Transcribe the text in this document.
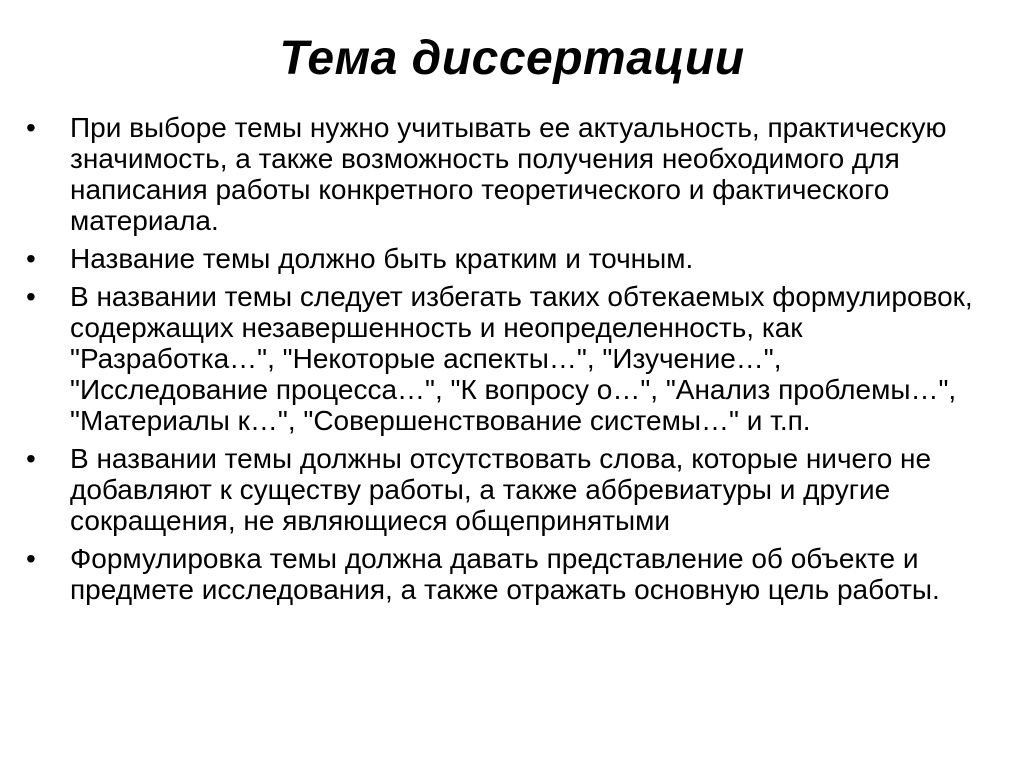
Тема диссертации
•	При выборе темы нужно учитывать ее актуальность, практическую значимость, а также возможность получения необходимого для написания работы конкретного теоретического и фактического материала.
•	Название темы должно быть кратким и точным.
•	В названии темы следует избегать таких обтекаемых формулировок, содержащих незавершенность и неопределенность, как "Разработка…", "Некоторые аспекты…", "Изучение…", "Исследование процесса…", "К вопросу о…", "Анализ проблемы…", "Материалы к…", "Совершенствование системы…" и т.п.
•	В названии темы должны отсутствовать слова, которые ничего не добавляют к существу работы, а также аббревиатуры и другие сокращения, не являющиеся общепринятыми
•	Формулировка темы должна давать представление об объекте и предмете исследования, а также отражать основную цель работы.
